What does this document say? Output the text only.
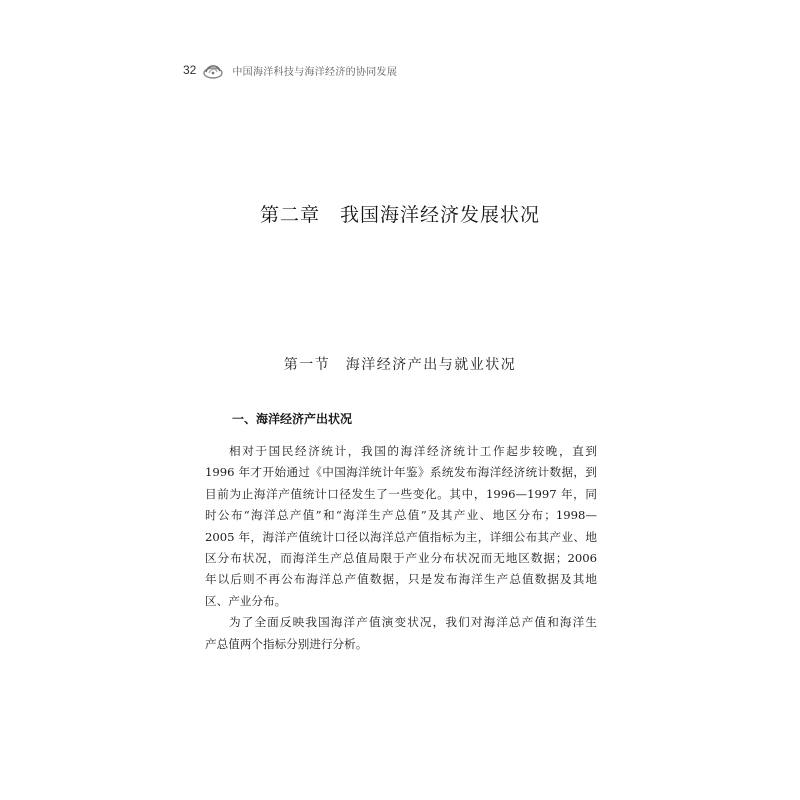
32	中国海洋科技与海洋经济的协同发展
第二章　我国海洋经济发展状况
第一节　海洋经济产出与就业状况
一、海洋经济产出状况
相对于国民经济统计，我国的海洋经济统计工作起步较晚，直到
1996 年才开始通过《中国海洋统计年鉴》系统发布海洋经济统计数据，到
目前为止海洋产值统计口径发生了一些变化。其中，1996—1997 年，同
时公布“海洋总产值”和“海洋生产总值”及其产业、地区分布；1998—
2005 年，海洋产值统计口径以海洋总产值指标为主，详细公布其产业、地
区分布状况，而海洋生产总值局限于产业分布状况而无地区数据；2006
年以后则不再公布海洋总产值数据，只是发布海洋生产总值数据及其地
区、产业分布。
为了全面反映我国海洋产值演变状况，我们对海洋总产值和海洋生
产总值两个指标分别进行分析。
